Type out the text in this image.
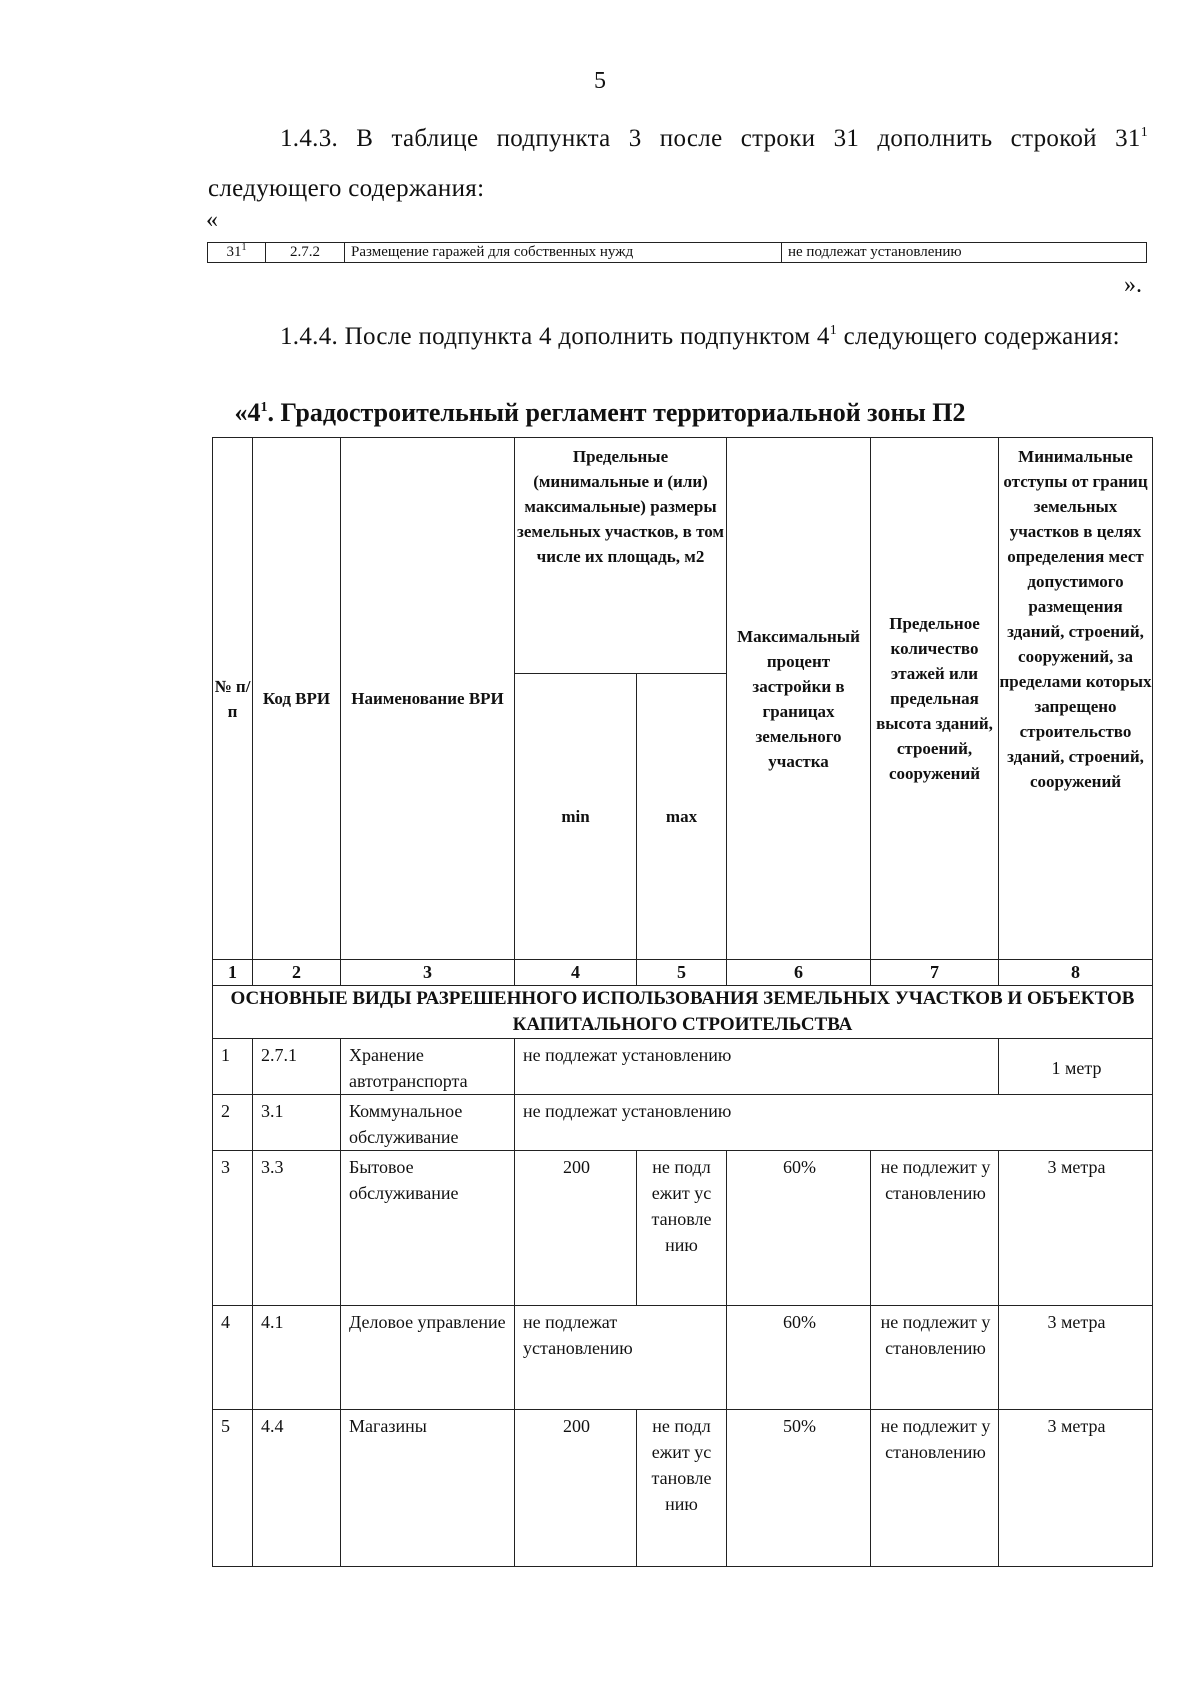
5

1.4.3. В таблице подпункта 3 после строки 31 дополнить строкой $31^1$ следующего содержания:

«
$31^1$	2.7.2	Размещение гаражей для собственных нужд	не подлежат установлению
».

1.4.4. После подпункта 4 дополнить подпунктом $4^1$ следующего содержания:

«$4^1$. Градостроительный регламент территориальной зоны П2
№ п/ п	Код ВРИ	Наименование ВРИ	Предельные (минимальные и (или) максимальные) размеры земельных участков, в том числе их площадь, м2		Максимальный процент застройки в границах земельного участка	Предельное количество этажей или предельная высота зданий, строений, сооружений	Минимальные отступы от границ земельных участков в целях определения мест допустимого размещения зданий, строений, сооружений, за пределами которых запрещено строительство зданий, строений, сооружений
			min	max			
1	2	3	4	5	6	7	8
ОСНОВНЫЕ ВИДЫ РАЗРЕШЕННОГО ИСПОЛЬЗОВАНИЯ ЗЕМЕЛЬНЫХ УЧАСТКОВ И ОБЪЕКТОВ КАПИТАЛЬНОГО СТРОИТЕЛЬСТВА							
1	2.7.1	Хранение автотранспорта	не подлежат установлению				1 метр
2	3.1	Коммунальное обслуживание	не подлежат установлению				
3	3.3	Бытовое обслуживание	200	не подлежит установлению	60%	не подлежит установлению	3 метра
4	4.1	Деловое управление	не подлежат установлению		60%	не подлежит установлению	3 метра
5	4.4	Магазины	200	не подлежит установлению	50%	не подлежит установлению	3 метра
